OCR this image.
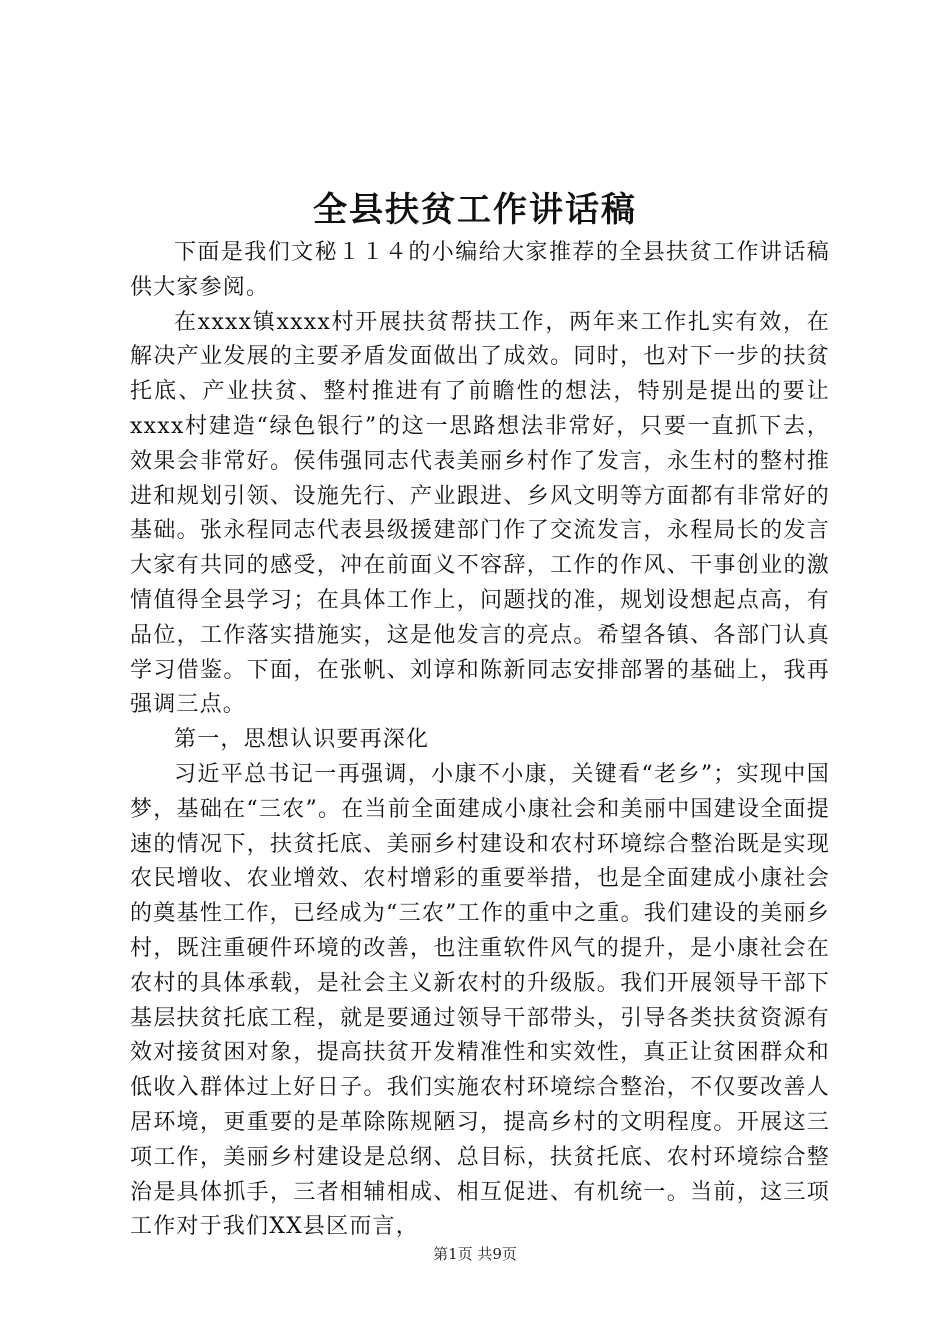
全县扶贫工作讲话稿

下面是我们文秘１１４的小编给大家推荐的全县扶贫工作讲话稿供大家参阅。

在xxxx镇xxxx村开展扶贫帮扶工作，两年来工作扎实有效，在解决产业发展的主要矛盾发面做出了成效。同时，也对下一步的扶贫托底、产业扶贫、整村推进有了前瞻性的想法，特别是提出的要让xxxx村建造“绿色银行”的这一思路想法非常好，只要一直抓下去，效果会非常好。侯伟强同志代表美丽乡村作了发言，永生村的整村推进和规划引领、设施先行、产业跟进、乡风文明等方面都有非常好的基础。张永程同志代表县级援建部门作了交流发言，永程局长的发言大家有共同的感受，冲在前面义不容辞，工作的作风、干事创业的激情值得全县学习；在具体工作上，问题找的准，规划设想起点高，有品位，工作落实措施实，这是他发言的亮点。希望各镇、各部门认真学习借鉴。下面，在张帆、刘谆和陈新同志安排部署的基础上，我再强调三点。

第一，思想认识要再深化

习近平总书记一再强调，小康不小康，关键看“老乡”；实现中国梦，基础在“三农”。在当前全面建成小康社会和美丽中国建设全面提速的情况下，扶贫托底、美丽乡村建设和农村环境综合整治既是实现农民增收、农业增效、农村增彩的重要举措，也是全面建成小康社会的奠基性工作，已经成为“三农”工作的重中之重。我们建设的美丽乡村，既注重硬件环境的改善，也注重软件风气的提升，是小康社会在农村的具体承载，是社会主义新农村的升级版。我们开展领导干部下基层扶贫托底工程，就是要通过领导干部带头，引导各类扶贫资源有效对接贫困对象，提高扶贫开发精准性和实效性，真正让贫困群众和低收入群体过上好日子。我们实施农村环境综合整治，不仅要改善人居环境，更重要的是革除陈规陋习，提高乡村的文明程度。开展这三项工作，美丽乡村建设是总纲、总目标，扶贫托底、农村环境综合整治是具体抓手，三者相辅相成、相互促进、有机统一。当前，这三项工作对于我们XX县区而言，

第1页 共9页
